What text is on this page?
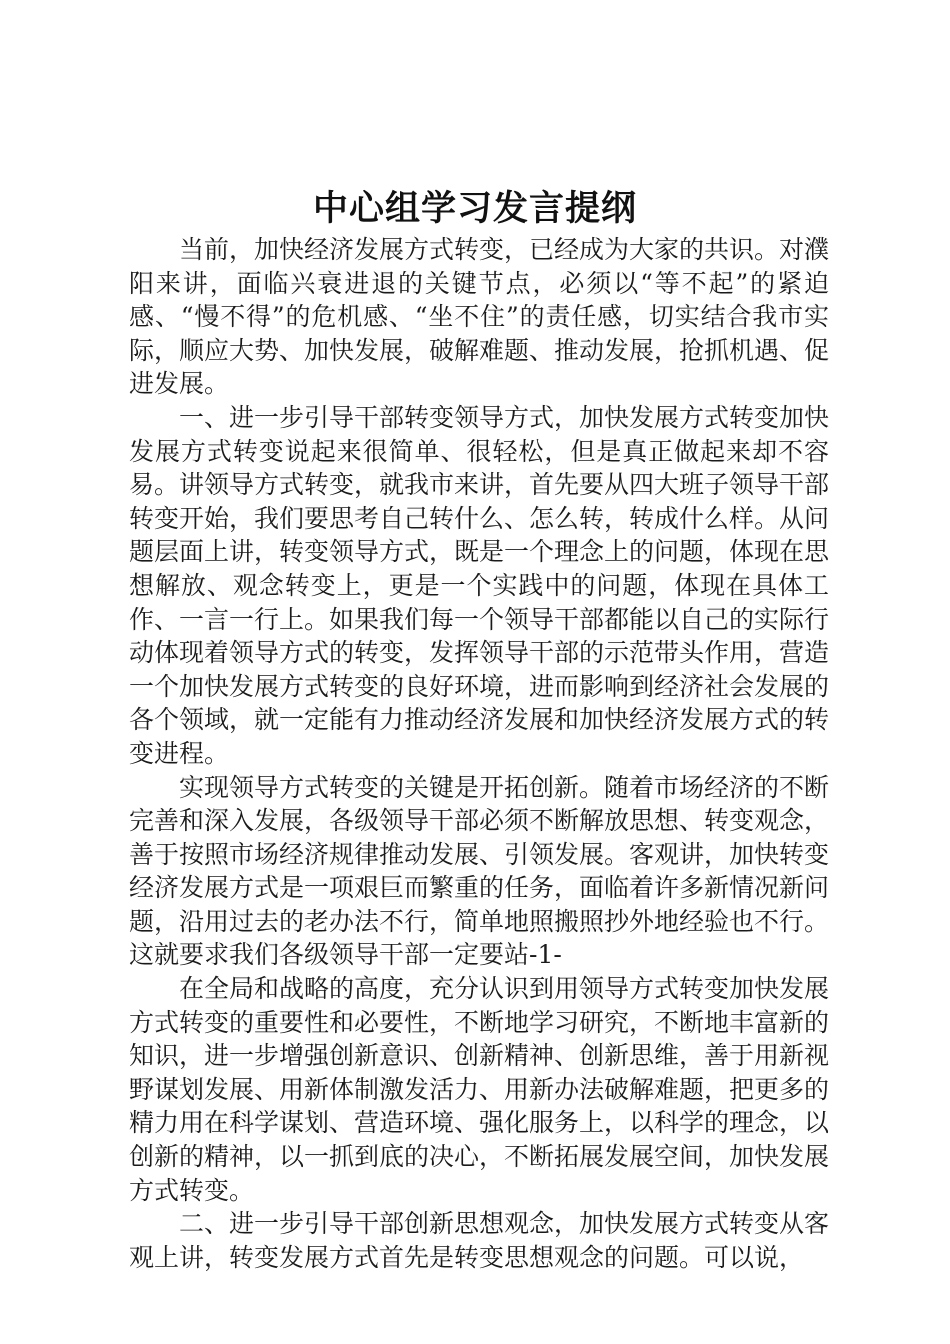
中心组学习发言提纲

当前，加快经济发展方式转变，已经成为大家的共识。对濮阳来讲，面临兴衰进退的关键节点，必须以“等不起”的紧迫感、“慢不得”的危机感、“坐不住”的责任感，切实结合我市实际，顺应大势、加快发展，破解难题、推动发展，抢抓机遇、促进发展。

一、进一步引导干部转变领导方式，加快发展方式转变加快发展方式转变说起来很简单、很轻松，但是真正做起来却不容易。讲领导方式转变，就我市来讲，首先要从四大班子领导干部转变开始，我们要思考自己转什么、怎么转，转成什么样。从问题层面上讲，转变领导方式，既是一个理念上的问题，体现在思想解放、观念转变上，更是一个实践中的问题，体现在具体工作、一言一行上。如果我们每一个领导干部都能以自己的实际行动体现着领导方式的转变，发挥领导干部的示范带头作用，营造一个加快发展方式转变的良好环境，进而影响到经济社会发展的各个领域，就一定能有力推动经济发展和加快经济发展方式的转变进程。

实现领导方式转变的关键是开拓创新。随着市场经济的不断完善和深入发展，各级领导干部必须不断解放思想、转变观念，善于按照市场经济规律推动发展、引领发展。客观讲，加快转变经济发展方式是一项艰巨而繁重的任务，面临着许多新情况新问题，沿用过去的老办法不行，简单地照搬照抄外地经验也不行。这就要求我们各级领导干部一定要站-1-

在全局和战略的高度，充分认识到用领导方式转变加快发展方式转变的重要性和必要性，不断地学习研究，不断地丰富新的知识，进一步增强创新意识、创新精神、创新思维，善于用新视野谋划发展、用新体制激发活力、用新办法破解难题，把更多的精力用在科学谋划、营造环境、强化服务上，以科学的理念，以创新的精神，以一抓到底的决心，不断拓展发展空间，加快发展方式转变。

二、进一步引导干部创新思想观念，加快发展方式转变从客观上讲，转变发展方式首先是转变思想观念的问题。可以说，
